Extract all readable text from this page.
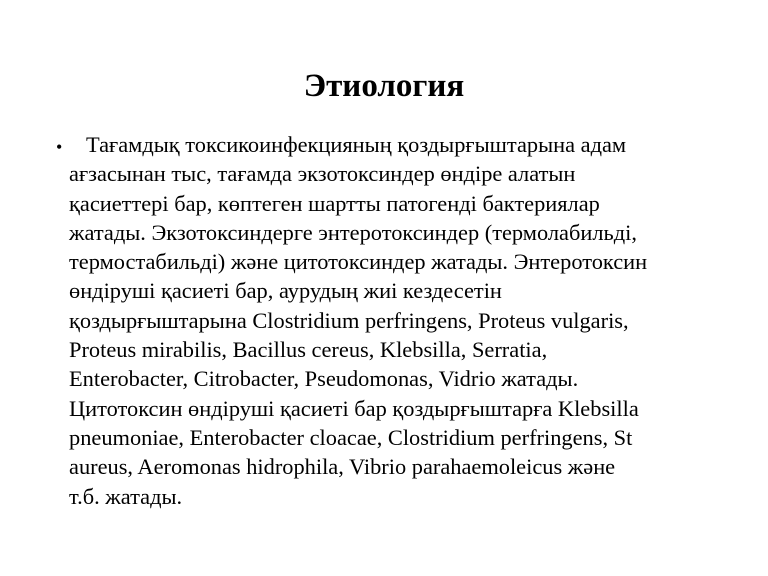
Этиология
•	Тағамдық токсикоинфекцияның қоздырғыштарына адам
ағзасынан тыс, тағамда экзотоксиндер өндіре алатын
қасиеттері бар, көптеген шартты патогенді бактериялар
жатады. Экзотоксиндерге энтеротоксиндер (термолабильді,
термостабильді) және цитотоксиндер жатады. Энтеротоксин
өндіруші қасиеті бар, аурудың жиі кездесетін
қоздырғыштарына Clostridium perfringens, Proteus vulgaris,
Proteus mirabilis, Bacillus cereus, Klebsilla, Serratia,
Enterobacter, Citrobacter, Pseudomonas, Vidrio жатады.
Цитотоксин өндіруші қасиеті бар қоздырғыштарға Klebsilla
pneumoniae, Enterobacter cloacae, Clostridium perfringens, St
aureus, Aeromonas hidrophila, Vibrio parahaemoleicus және
т.б. жатады.
